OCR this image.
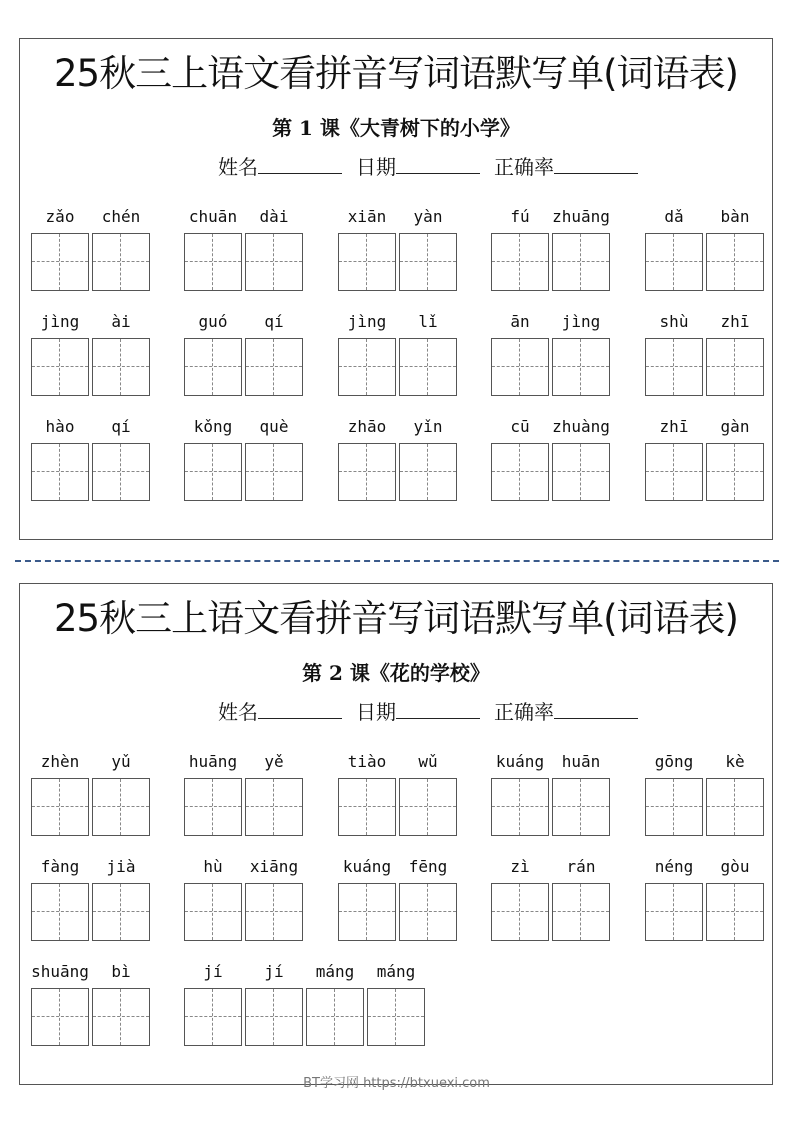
25秋三上语文看拼音写词语默写单(词语表)
第 1 课《大青树下的小学》
姓名	日期	正确率
zǎo	chén	chuān	dài	xiān	yàn	fú	zhuāng	dǎ	bàn
jìng	ài	guó	qí	jìng	lǐ	ān	jìng	shù	zhī
hào	qí	kǒng	què	zhāo	yǐn	cū	zhuàng	zhī	gàn
25秋三上语文看拼音写词语默写单(词语表)
第 2 课《花的学校》
姓名	日期	正确率
zhèn	yǔ	huāng	yě	tiào	wǔ	kuáng	huān	gōng	kè
fàng	jià	hù	xiāng	kuáng	fēng	zì	rán	néng	gòu
shuāng	bì	jí	jí	máng	máng
BT学习网 https://btxuexi.com
